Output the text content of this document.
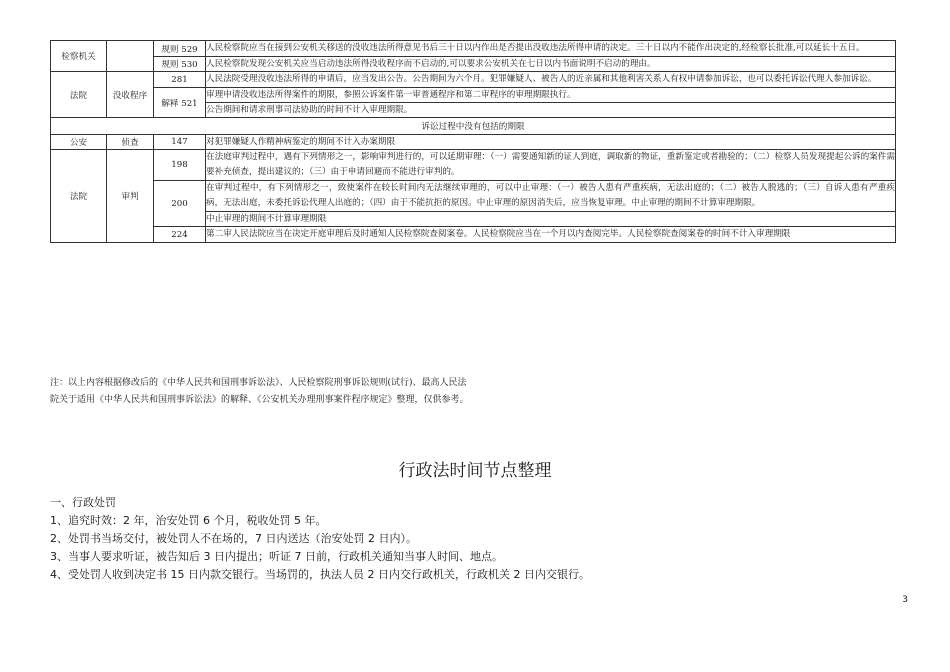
检察机关		规则 529	人民检察院应当在接到公安机关移送的没收违法所得意见书后三十日以内作出是否提出没收违法所得申请的决定。三十日以内不能作出决定的,经检察长批准,可以延长十五日。
		规则 530	人民检察院发现公安机关应当启动违法所得没收程序而不启动的,可以要求公安机关在七日以内书面说明不启动的理由。
法院	没收程序	281	人民法院受理没收违法所得的申请后，应当发出公告。公告期间为六个月。犯罪嫌疑人、被告人的近亲属和其他利害关系人有权申请参加诉讼，也可以委托诉讼代理人参加诉讼。
		解释 521	审理申请没收违法所得案件的期限，参照公诉案件第一审普通程序和第二审程序的审理期限执行。
			公告期间和请求刑事司法协助的时间不计入审理期限。
诉讼过程中没有包括的期限			
公安	侦查	147	对犯罪嫌疑人作精神病鉴定的期间不计入办案期限
法院	审判	198	在法庭审判过程中，遇有下列情形之一，影响审判进行的，可以延期审理：（一）需要通知新的证人到庭，调取新的物证，重新鉴定或者勘验的；（二）检察人员发现提起公诉的案件需要补充侦查，提出建议的；（三）由于申请回避而不能进行审判的。
		200	在审判过程中，有下列情形之一，致使案件在较长时间内无法继续审理的，可以中止审理：（一）被告人患有严重疾病，无法出庭的；（二）被告人脱逃的；（三）自诉人患有严重疾病，无法出庭，未委托诉讼代理人出庭的；（四）由于不能抗拒的原因。中止审理的原因消失后，应当恢复审理。中止审理的期间不计算审理期限。
			中止审理的期间不计算审理期限
		224	第二审人民法院应当在决定开庭审理后及时通知人民检察院查阅案卷。人民检察院应当在一个月以内查阅完毕。人民检察院查阅案卷的时间不计入审理期限
注：以上内容根据修改后的《中华人民共和国刑事诉讼法》、人民检察院刑事诉讼规则(试行)、最高人民法
院关于适用《中华人民共和国刑事诉讼法》的解释、《公安机关办理刑事案件程序规定》整理，仅供参考。
行政法时间节点整理
一、行政处罚
1、追究时效：2 年，治安处罚 6 个月，税收处罚 5 年。
2、处罚书当场交付，被处罚人不在场的，7 日内送达（治安处罚 2 日内）。
3、当事人要求听证，被告知后 3 日内提出；听证 7 日前，行政机关通知当事人时间、地点。
4、受处罚人收到决定书 15 日内款交银行。当场罚的，执法人员 2 日内交行政机关，行政机关 2 日内交银行。
3
